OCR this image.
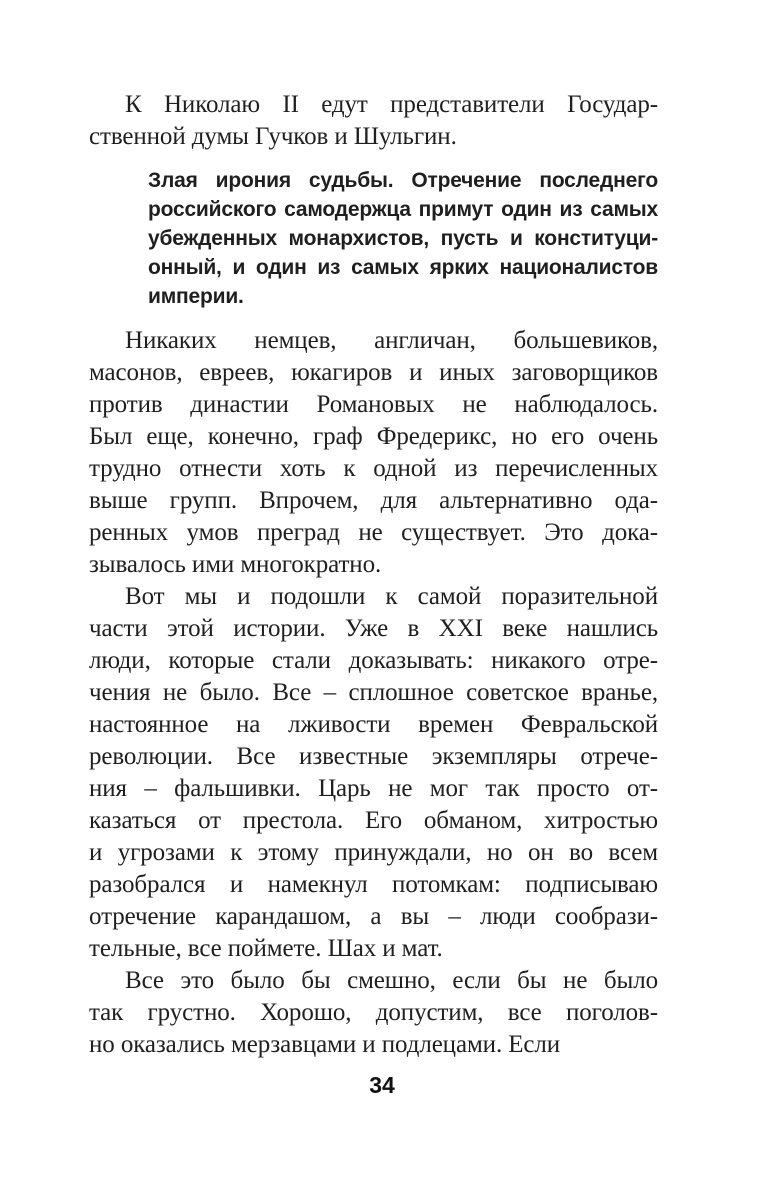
К Николаю II едут представители Государ-
ственной думы Гучков и Шульгин.
Злая ирония судьбы. Отречение последнего
российского самодержца примут один из самых
убежденных монархистов, пусть и конституци-
онный, и один из самых ярких националистов
империи.
Никаких немцев, англичан, большевиков,
масонов, евреев, юкагиров и иных заговорщиков
против династии Романовых не наблюдалось.
Был еще, конечно, граф Фредерикс, но его очень
трудно отнести хоть к одной из перечисленных
выше групп. Впрочем, для альтернативно ода-
ренных умов преград не существует. Это дока-
зывалось ими многократно.
Вот мы и подошли к самой поразительной
части этой истории. Уже в XXI веке нашлись
люди, которые стали доказывать: никакого отре-
чения не было. Все – сплошное советское вранье,
настоянное на лживости времен Февральской
революции. Все известные экземпляры отрече-
ния – фальшивки. Царь не мог так просто от-
казаться от престола. Его обманом, хитростью
и угрозами к этому принуждали, но он во всем
разобрался и намекнул потомкам: подписываю
отречение карандашом, а вы – люди сообрази-
тельные, все поймете. Шах и мат.
Все это было бы смешно, если бы не было
так грустно. Хорошо, допустим, все поголов-
но оказались мерзавцами и подлецами. Если
34
